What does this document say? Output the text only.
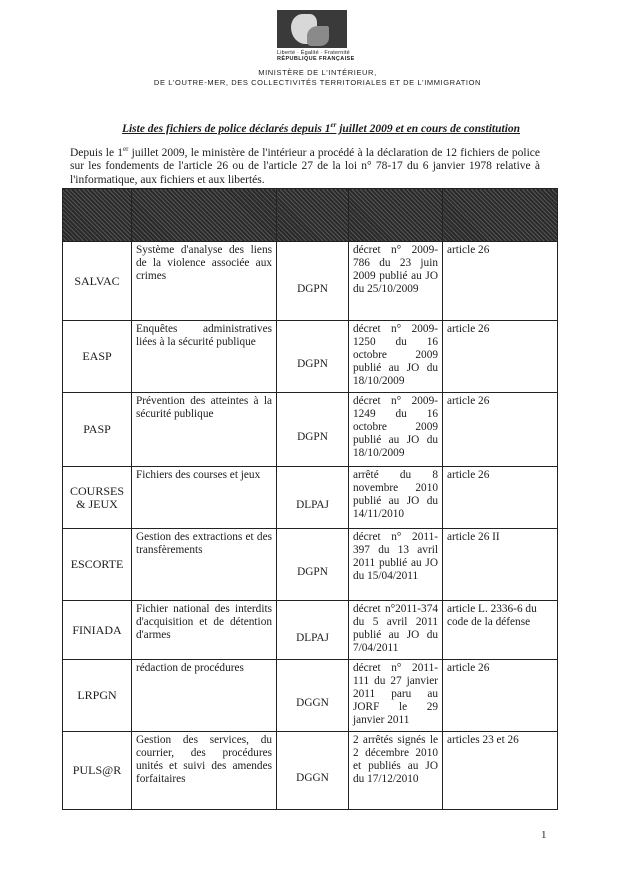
Liberté · Égalité · Fraternité
RÉPUBLIQUE FRANÇAISE
MINISTÈRE DE L'INTÉRIEUR,
DE L'OUTRE-MER, DES COLLECTIVITÉS TERRITORIALES ET DE L'IMMIGRATION
Liste des fichiers de police déclarés depuis 1er juillet 2009 et en cours de constitution
Depuis le 1er juillet 2009, le ministère de l'intérieur a procédé à la déclaration de 12 fichiers de police sur les fondements de l'article 26 ou de l'article 27 de la loi n° 78-17 du 6 janvier 1978 relative à l'informatique, aux fichiers et aux libertés.

SALVAC	Système d'analyse des liens de la violence associée aux crimes	DGPN	décret n° 2009-786 du 23 juin 2009 publié au JO du 25/10/2009	article 26
EASP	Enquêtes administratives liées à la sécurité publique	DGPN	décret n° 2009-1250 du 16 octobre 2009 publié au JO du 18/10/2009	article 26
PASP	Prévention des atteintes à la sécurité publique	DGPN	décret n° 2009-1249 du 16 octobre 2009 publié au JO du 18/10/2009	article 26
COURSES & JEUX	Fichiers des courses et jeux	DLPAJ	arrêté du 8 novembre 2010 publié au JO du 14/11/2010	article 26
ESCORTE	Gestion des extractions et des transfèrements	DGPN	décret n° 2011-397 du 13 avril 2011 publié au JO du 15/04/2011	article 26 II
FINIADA	Fichier national des interdits d'acquisition et de détention d'armes	DLPAJ	décret n°2011-374 du 5 avril 2011 publié au JO du 7/04/2011	article L. 2336-6 du code de la défense
LRPGN	rédaction de procédures	DGGN	décret n° 2011-111 du 27 janvier 2011 paru au JORF le 29 janvier 2011	article 26
PULS@R	Gestion des services, du courrier, des procédures unités et suivi des amendes forfaitaires	DGGN	2 arrêtés signés le 2 décembre 2010 et publiés au JO du 17/12/2010	articles 23 et 26
1
